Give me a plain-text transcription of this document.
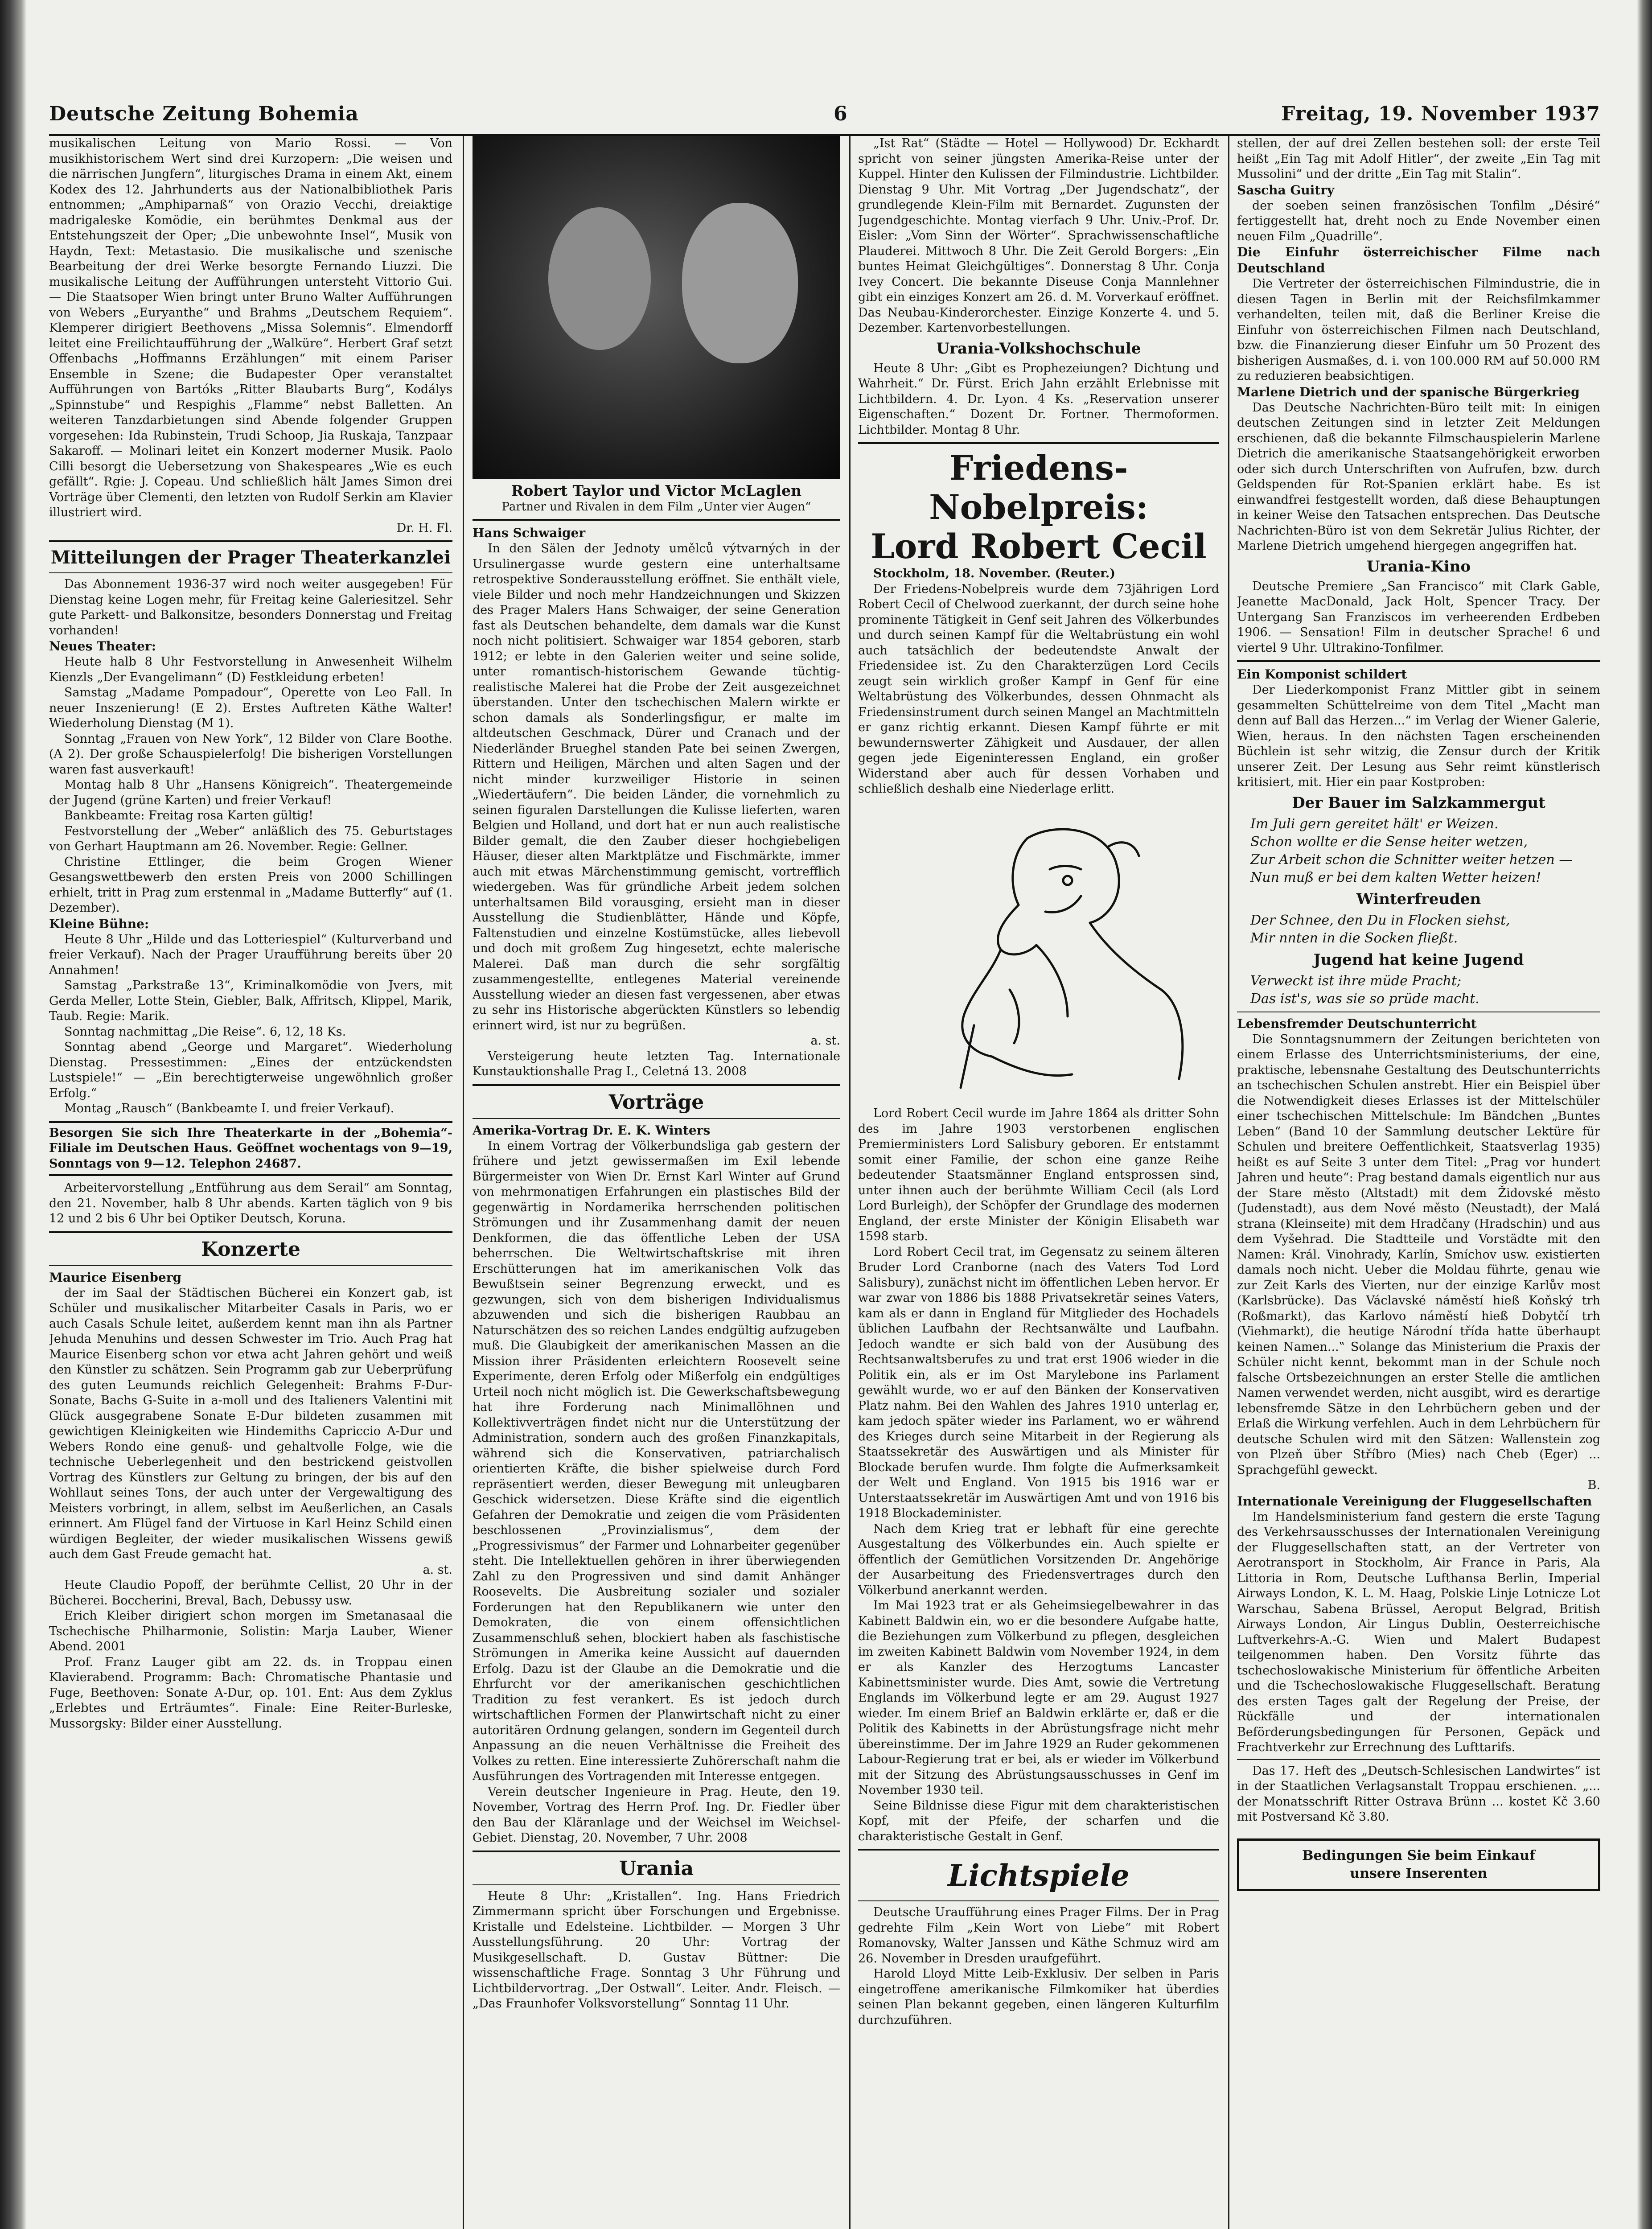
Deutsche Zeitung Bohemia	6	Freitag, 19. November 1937

musikalischen Leitung von Mario Rossi. — Von musikhistorischem Wert sind drei Kurzopern: „Die weisen und die närrischen Jungfern“, liturgisches Drama in einem Akt, einem Kodex des 12. Jahrhunderts aus der Nationalbibliothek Paris entnommen; „Amphiparnaß“ von Orazio Vecchi, dreiaktige madrigaleske Komödie, ein berühmtes Denkmal aus der Entstehungszeit der Oper; „Die unbewohnte Insel“, Musik von Haydn, Text: Metastasio. Die musikalische und szenische Bearbeitung der drei Werke besorgte Fernando Liuzzi. Die musikalische Leitung der Aufführungen untersteht Vittorio Gui. — Die Staatsoper Wien bringt unter Bruno Walter Aufführungen von Webers „Euryanthe“ und Brahms „Deutschem Requiem“. Klemperer dirigiert Beethovens „Missa Solemnis“. Elmendorff leitet eine Freilichtaufführung der „Walküre“. Herbert Graf setzt Offenbachs „Hoffmanns Erzählungen“ mit einem Pariser Ensemble in Szene; die Budapester Oper veranstaltet Aufführungen von Bartóks „Ritter Blaubarts Burg“, Kodálys „Spinnstube“ und Respighis „Flamme“ nebst Balletten. An weiteren Tanzdarbietungen sind Abende folgender Gruppen vorgesehen: Ida Rubinstein, Trudi Schoop, Jia Ruskaja, Tanzpaar Sakaroff. — Molinari leitet ein Konzert moderner Musik. Paolo Cilli besorgt die Uebersetzung von Shakespeares „Wie es euch gefällt“. Rgie: J. Copeau. Und schließlich hält James Simon drei Vorträge über Clementi, den letzten von Rudolf Serkin am Klavier illustriert wird.

Dr. H. Fl.

Mitteilungen der Prager Theaterkanzlei

Das Abonnement 1936-37 wird noch weiter ausgegeben! Für Dienstag keine Logen mehr, für Freitag keine Galeriesitzel. Sehr gute Parkett- und Balkonsitze, besonders Donnerstag und Freitag vorhanden!

Neues Theater:

Heute halb 8 Uhr Festvorstellung in Anwesenheit Wilhelm Kienzls „Der Evangelimann“ (D) Festkleidung erbeten!

Samstag „Madame Pompadour“, Operette von Leo Fall. In neuer Inszenierung! (E 2). Erstes Auftreten Käthe Walter! Wiederholung Dienstag (M 1).

Sonntag „Frauen von New York“, 12 Bilder von Clare Boothe. (A 2). Der große Schauspielerfolg! Die bisherigen Vorstellungen waren fast ausverkauft!

Montag halb 8 Uhr „Hansens Königreich“. Theatergemeinde der Jugend (grüne Karten) und freier Verkauf!

Bankbeamte: Freitag rosa Karten gültig!

Festvorstellung der „Weber“ anläßlich des 75. Geburtstages von Gerhart Hauptmann am 26. November. Regie: Gellner.

Christine Ettlinger, die beim Grogen Wiener Gesangswettbewerb den ersten Preis von 2000 Schillingen erhielt, tritt in Prag zum erstenmal in „Madame Butterfly“ auf (1. Dezember).

Kleine Bühne:

Heute 8 Uhr „Hilde und das Lotteriespiel“ (Kulturverband und freier Verkauf). Nach der Prager Uraufführung bereits über 20 Annahmen!

Samstag „Parkstraße 13“, Kriminalkomödie von Jvers, mit Gerda Meller, Lotte Stein, Giebler, Balk, Affritsch, Klippel, Marik, Taub. Regie: Marik.

Sonntag nachmittag „Die Reise“. 6, 12, 18 Ks.

Sonntag abend „George und Margaret“. Wiederholung Dienstag. Pressestimmen: „Eines der entzückendsten Lustspiele!“ — „Ein berechtigterweise ungewöhnlich großer Erfolg.“

Montag „Rausch“ (Bankbeamte I. und freier Verkauf).

Besorgen Sie sich Ihre Theaterkarte in der „Bohemia“-Filiale im Deutschen Haus. Geöffnet wochentags von 9—19, Sonntags von 9—12. Telephon 24687.

Arbeitervorstellung „Entführung aus dem Serail“ am Sonntag, den 21. November, halb 8 Uhr abends. Karten täglich von 9 bis 12 und 2 bis 6 Uhr bei Optiker Deutsch, Koruna.

Konzerte

Maurice Eisenberg

der im Saal der Städtischen Bücherei ein Konzert gab, ist Schüler und musikalischer Mitarbeiter Casals in Paris, wo er auch Casals Schule leitet, außerdem kennt man ihn als Partner Jehuda Menuhins und dessen Schwester im Trio. Auch Prag hat Maurice Eisenberg schon vor etwa acht Jahren gehört und weiß den Künstler zu schätzen. Sein Programm gab zur Ueberprüfung des guten Leumunds reichlich Gelegenheit: Brahms F-Dur-Sonate, Bachs G-Suite in a-moll und des Italieners Valentini mit Glück ausgegrabene Sonate E-Dur bildeten zusammen mit gewichtigen Kleinigkeiten wie Hindemiths Capriccio A-Dur und Webers Rondo eine genuß- und gehaltvolle Folge, wie die technische Ueberlegenheit und den bestrickend geistvollen Vortrag des Künstlers zur Geltung zu bringen, der bis auf den Wohllaut seines Tons, der auch unter der Vergewaltigung des Meisters vorbringt, in allem, selbst im Aeußerlichen, an Casals erinnert. Am Flügel fand der Virtuose in Karl Heinz Schild einen würdigen Begleiter, der wieder musikalischen Wissens gewiß auch dem Gast Freude gemacht hat.

a. st.

Heute Claudio Popoff, der berühmte Cellist, 20 Uhr in der Bücherei. Boccherini, Breval, Bach, Debussy usw.

Erich Kleiber dirigiert schon morgen im Smetanasaal die Tschechische Philharmonie, Solistin: Marja Lauber, Wiener Abend. 2001

Prof. Franz Lauger gibt am 22. ds. in Troppau einen Klavierabend. Programm: Bach: Chromatische Phantasie und Fuge, Beethoven: Sonate A-Dur, op. 101. Ent: Aus dem Zyklus „Erlebtes und Erträumtes“. Finale: Eine Reiter-Burleske, Mussorgsky: Bilder einer Ausstellung.

Robert Taylor und Victor McLaglen
Partner und Rivalen in dem Film „Unter vier Augen“

Hans Schwaiger

In den Sälen der Jednoty umělců výtvarných in der Ursulinergasse wurde gestern eine unterhaltsame retrospektive Sonderausstellung eröffnet. Sie enthält viele, viele Bilder und noch mehr Handzeichnungen und Skizzen des Prager Malers Hans Schwaiger, der seine Generation fast als Deutschen behandelte, dem damals war die Kunst noch nicht politisiert. Schwaiger war 1854 geboren, starb 1912; er lebte in den Galerien weiter und seine solide, unter romantisch-historischem Gewande tüchtig-realistische Malerei hat die Probe der Zeit ausgezeichnet überstanden. Unter den tschechischen Malern wirkte er schon damals als Sonderlingsfigur, er malte im altdeutschen Geschmack, Dürer und Cranach und der Niederländer Brueghel standen Pate bei seinen Zwergen, Rittern und Heiligen, Märchen und alten Sagen und der nicht minder kurzweiliger Historie in seinen „Wiedertäufern“. Die beiden Länder, die vornehmlich zu seinen figuralen Darstellungen die Kulisse lieferten, waren Belgien und Holland, und dort hat er nun auch realistische Bilder gemalt, die den Zauber dieser hochgiebeligen Häuser, dieser alten Marktplätze und Fischmärkte, immer auch mit etwas Märchenstimmung gemischt, vortrefflich wiedergeben. Was für gründliche Arbeit jedem solchen unterhaltsamen Bild vorausging, ersieht man in dieser Ausstellung die Studienblätter, Hände und Köpfe, Faltenstudien und einzelne Kostümstücke, alles liebevoll und doch mit großem Zug hingesetzt, echte malerische Malerei. Daß man durch die sehr sorgfältig zusammengestellte, entlegenes Material vereinende Ausstellung wieder an diesen fast vergessenen, aber etwas zu sehr ins Historische abgerückten Künstlers so lebendig erinnert wird, ist nur zu begrüßen.

a. st.

Versteigerung heute letzten Tag. Internationale Kunstauktionshalle Prag I., Celetná 13. 2008

Vorträge

Amerika-Vortrag Dr. E. K. Winters

In einem Vortrag der Völkerbundsliga gab gestern der frühere und jetzt gewissermaßen im Exil lebende Bürgermeister von Wien Dr. Ernst Karl Winter auf Grund von mehrmonatigen Erfahrungen ein plastisches Bild der gegenwärtig in Nordamerika herrschenden politischen Strömungen und ihr Zusammenhang damit der neuen Denkformen, die das öffentliche Leben der USA beherrschen. Die Weltwirtschaftskrise mit ihren Erschütterungen hat im amerikanischen Volk das Bewußtsein seiner Begrenzung erweckt, und es gezwungen, sich von dem bisherigen Individualismus abzuwenden und sich die bisherigen Raubbau an Naturschätzen des so reichen Landes endgültig aufzugeben muß. Die Glaubigkeit der amerikanischen Massen an die Mission ihrer Präsidenten erleichtern Roosevelt seine Experimente, deren Erfolg oder Mißerfolg ein endgültiges Urteil noch nicht möglich ist. Die Gewerkschaftsbewegung hat ihre Forderung nach Minimallöhnen und Kollektivverträgen findet nicht nur die Unterstützung der Administration, sondern auch des großen Finanzkapitals, während sich die Konservativen, patriarchalisch orientierten Kräfte, die bisher spielweise durch Ford repräsentiert werden, dieser Bewegung mit unleugbaren Geschick widersetzen. Diese Kräfte sind die eigentlich Gefahren der Demokratie und zeigen die vom Präsidenten beschlossenen „Provinzialismus“, dem der „Progressivismus“ der Farmer und Lohnarbeiter gegenüber steht. Die Intellektuellen gehören in ihrer überwiegenden Zahl zu den Progressiven und sind damit Anhänger Roosevelts. Die Ausbreitung sozialer und sozialer Forderungen hat den Republikanern wie unter den Demokraten, die von einem offensichtlichen Zusammenschluß sehen, blockiert haben als faschistische Strömungen in Amerika keine Aussicht auf dauernden Erfolg. Dazu ist der Glaube an die Demokratie und die Ehrfurcht vor der amerikanischen geschichtlichen Tradition zu fest verankert. Es ist jedoch durch wirtschaftlichen Formen der Planwirtschaft nicht zu einer autoritären Ordnung gelangen, sondern im Gegenteil durch Anpassung an die neuen Verhältnisse die Freiheit des Volkes zu retten. Eine interessierte Zuhörerschaft nahm die Ausführungen des Vortragenden mit Interesse entgegen.

Verein deutscher Ingenieure in Prag. Heute, den 19. November, Vortrag des Herrn Prof. Ing. Dr. Fiedler über den Bau der Kläranlage und der Weichsel im Weichsel-Gebiet. Dienstag, 20. November, 7 Uhr. 2008

Urania

Heute 8 Uhr: „Kristallen“. Ing. Hans Friedrich Zimmermann spricht über Forschungen und Ergebnisse. Kristalle und Edelsteine. Lichtbilder. — Morgen 3 Uhr Ausstellungsführung. 20 Uhr: Vortrag der Musikgesellschaft. D. Gustav Büttner: Die wissenschaftliche Frage. Sonntag 3 Uhr Führung und Lichtbildervortrag. „Der Ostwall“. Leiter. Andr. Fleisch. — „Das Fraunhofer Volksvorstellung“ Sonntag 11 Uhr.

„Ist Rat“ (Städte — Hotel — Hollywood) Dr. Eckhardt spricht von seiner jüngsten Amerika-Reise unter der Kuppel. Hinter den Kulissen der Filmindustrie. Lichtbilder. Dienstag 9 Uhr. Mit Vortrag „Der Jugendschatz“, der grundlegende Klein-Film mit Bernardet. Zugunsten der Jugendgeschichte. Montag vierfach 9 Uhr. Univ.-Prof. Dr. Eisler: „Vom Sinn der Wörter“. Sprachwissenschaftliche Plauderei. Mittwoch 8 Uhr. Die Zeit Gerold Borgers: „Ein buntes Heimat Gleichgültiges“. Donnerstag 8 Uhr. Conja Ivey Concert. Die bekannte Diseuse Conja Mannlehner gibt ein einziges Konzert am 26. d. M. Vorverkauf eröffnet. Das Neubau-Kinderorchester. Einzige Konzerte 4. und 5. Dezember. Kartenvorbestellungen.

Urania-Volkshochschule

Heute 8 Uhr: „Gibt es Prophezeiungen? Dichtung und Wahrheit.“ Dr. Fürst. Erich Jahn erzählt Erlebnisse mit Lichtbildern. 4. Dr. Lyon. 4 Ks. „Reservation unserer Eigenschaften.“ Dozent Dr. Fortner. Thermoformen. Lichtbilder. Montag 8 Uhr.

Friedens-Nobelpreis:
Lord Robert Cecil

Stockholm, 18. November. (Reuter.)

Der Friedens-Nobelpreis wurde dem 73jährigen Lord Robert Cecil of Chelwood zuerkannt, der durch seine hohe prominente Tätigkeit in Genf seit Jahren des Völkerbundes und durch seinen Kampf für die Weltabrüstung ein wohl auch tatsächlich der bedeutendste Anwalt der Friedensidee ist. Zu den Charakterzügen Lord Cecils zeugt sein wirklich großer Kampf in Genf für eine Weltabrüstung des Völkerbundes, dessen Ohnmacht als Friedensinstrument durch seinen Mangel an Machtmitteln er ganz richtig erkannt. Diesen Kampf führte er mit bewundernswerter Zähigkeit und Ausdauer, der allen gegen jede Eigeninteressen England, ein großer Widerstand aber auch für dessen Vorhaben und schließlich deshalb eine Niederlage erlitt.

Lord Robert Cecil wurde im Jahre 1864 als dritter Sohn des im Jahre 1903 verstorbenen englischen Premierministers Lord Salisbury geboren. Er entstammt somit einer Familie, der schon eine ganze Reihe bedeutender Staatsmänner England entsprossen sind, unter ihnen auch der berühmte William Cecil (als Lord Lord Burleigh), der Schöpfer der Grundlage des modernen England, der erste Minister der Königin Elisabeth war 1598 starb.

Lord Robert Cecil trat, im Gegensatz zu seinem älteren Bruder Lord Cranborne (nach des Vaters Tod Lord Salisbury), zunächst nicht im öffentlichen Leben hervor. Er war zwar von 1886 bis 1888 Privatsekretär seines Vaters, kam als er dann in England für Mitglieder des Hochadels üblichen Laufbahn der Rechtsanwälte und Laufbahn. Jedoch wandte er sich bald von der Ausübung des Rechtsanwaltsberufes zu und trat erst 1906 wieder in die Politik ein, als er im Ost Marylebone ins Parlament gewählt wurde, wo er auf den Bänken der Konservativen Platz nahm. Bei den Wahlen des Jahres 1910 unterlag er, kam jedoch später wieder ins Parlament, wo er während des Krieges durch seine Mitarbeit in der Regierung als Staatssekretär des Auswärtigen und als Minister für Blockade berufen wurde. Ihm folgte die Aufmerksamkeit der Welt und England. Von 1915 bis 1916 war er Unterstaatssekretär im Auswärtigen Amt und von 1916 bis 1918 Blockademinister.

Nach dem Krieg trat er lebhaft für eine gerechte Ausgestaltung des Völkerbundes ein. Auch spielte er öffentlich der Gemütlichen Vorsitzenden Dr. Angehörige der Ausarbeitung des Friedensvertrages durch den Völkerbund anerkannt werden.

Im Mai 1923 trat er als Geheimsiegelbewahrer in das Kabinett Baldwin ein, wo er die besondere Aufgabe hatte, die Beziehungen zum Völkerbund zu pflegen, desgleichen im zweiten Kabinett Baldwin vom November 1924, in dem er als Kanzler des Herzogtums Lancaster Kabinettsminister wurde. Dies Amt, sowie die Vertretung Englands im Völkerbund legte er am 29. August 1927 wieder. Im einem Brief an Baldwin erklärte er, daß er die Politik des Kabinetts in der Abrüstungsfrage nicht mehr übereinstimme. Der im Jahre 1929 an Ruder gekommenen Labour-Regierung trat er bei, als er wieder im Völkerbund mit der Sitzung des Abrüstungsausschusses in Genf im November 1930 teil.

Seine Bildnisse diese Figur mit dem charakteristischen Kopf, mit der Pfeife, der scharfen und die charakteristische Gestalt in Genf.

Lichtspiele

Deutsche Uraufführung eines Prager Films. Der in Prag gedrehte Film „Kein Wort von Liebe“ mit Robert Romanovsky, Walter Janssen und Käthe Schmuz wird am 26. November in Dresden uraufgeführt.

Harold Lloyd Mitte Leib-Exklusiv. Der selben in Paris eingetroffene amerikanische Filmkomiker hat überdies seinen Plan bekannt gegeben, einen längeren Kulturfilm durchzuführen.

stellen, der auf drei Zellen bestehen soll: der erste Teil heißt „Ein Tag mit Adolf Hitler“, der zweite „Ein Tag mit Mussolini“ und der dritte „Ein Tag mit Stalin“.

Sascha Guitry

der soeben seinen französischen Tonfilm „Désiré“ fertiggestellt hat, dreht noch zu Ende November einen neuen Film „Quadrille“.

Die Einfuhr österreichischer Filme nach Deutschland

Die Vertreter der österreichischen Filmindustrie, die in diesen Tagen in Berlin mit der Reichsfilmkammer verhandelten, teilen mit, daß die Berliner Kreise die Einfuhr von österreichischen Filmen nach Deutschland, bzw. die Finanzierung dieser Einfuhr um 50 Prozent des bisherigen Ausmaßes, d. i. von 100.000 RM auf 50.000 RM zu reduzieren beabsichtigen.

Marlene Dietrich und der spanische Bürgerkrieg

Das Deutsche Nachrichten-Büro teilt mit: In einigen deutschen Zeitungen sind in letzter Zeit Meldungen erschienen, daß die bekannte Filmschauspielerin Marlene Dietrich die amerikanische Staatsangehörigkeit erworben oder sich durch Unterschriften von Aufrufen, bzw. durch Geldspenden für Rot-Spanien erklärt habe. Es ist einwandfrei festgestellt worden, daß diese Behauptungen in keiner Weise den Tatsachen entsprechen. Das Deutsche Nachrichten-Büro ist von dem Sekretär Julius Richter, der Marlene Dietrich umgehend hiergegen angegriffen hat.

Urania-Kino

Deutsche Premiere „San Francisco“ mit Clark Gable, Jeanette MacDonald, Jack Holt, Spencer Tracy. Der Untergang San Franziscos im verheerenden Erdbeben 1906. — Sensation! Film in deutscher Sprache! 6 und viertel 9 Uhr. Ultrakino-Tonfilmer.

Ein Komponist schildert

Der Liederkomponist Franz Mittler gibt in seinem gesammelten Schüttelreime von dem Titel „Macht man denn auf Ball das Herzen...“ im Verlag der Wiener Galerie, Wien, heraus. In den nächsten Tagen erscheinenden Büchlein ist sehr witzig, die Zensur durch der Kritik unserer Zeit. Der Lesung aus Sehr reimt künstlerisch kritisiert, mit. Hier ein paar Kostproben:

Der Bauer im Salzkammergut

Im Juli gern gereitet hält' er Weizen.

Schon wollte er die Sense heiter wetzen,

Zur Arbeit schon die Schnitter weiter hetzen —

Nun muß er bei dem kalten Wetter heizen!

Winterfreuden

Der Schnee, den Du in Flocken siehst,

Mir nnten in die Socken fließt.

Jugend hat keine Jugend

Verweckt ist ihre müde Pracht;

Das ist's, was sie so prüde macht.

Lebensfremder Deutschunterricht

Die Sonntagsnummern der Zeitungen berichteten von einem Erlasse des Unterrichtsministeriums, der eine, praktische, lebensnahe Gestaltung des Deutschunterrichts an tschechischen Schulen anstrebt. Hier ein Beispiel über die Notwendigkeit dieses Erlasses ist der Mittelschüler einer tschechischen Mittelschule: Im Bändchen „Buntes Leben“ (Band 10 der Sammlung deutscher Lektüre für Schulen und breitere Oeffentlichkeit, Staatsverlag 1935) heißt es auf Seite 3 unter dem Titel: „Prag vor hundert Jahren und heute“: Prag bestand damals eigentlich nur aus der Stare město (Altstadt) mit dem Židovské město (Judenstadt), aus dem Nové město (Neustadt), der Malá strana (Kleinseite) mit dem Hradčany (Hradschin) und aus dem Vyšehrad. Die Stadtteile und Vorstädte mit den Namen: Král. Vinohrady, Karlín, Smíchov usw. existierten damals noch nicht. Ueber die Moldau führte, genau wie zur Zeit Karls des Vierten, nur der einzige Karlův most (Karlsbrücke). Das Václavské náměstí hieß Koňský trh (Roßmarkt), das Karlovo náměstí hieß Dobytčí trh (Viehmarkt), die heutige Národní třída hatte überhaupt keinen Namen...‟ Solange das Ministerium die Praxis der Schüler nicht kennt, bekommt man in der Schule noch falsche Ortsbezeichnungen an erster Stelle die amtlichen Namen verwendet werden, nicht ausgibt, wird es derartige lebensfremde Sätze in den Lehrbüchern geben und der Erlaß die Wirkung verfehlen. Auch in dem Lehrbüchern für deutsche Schulen wird mit den Sätzen: Wallenstein zog von Plzeň über Stříbro (Mies) nach Cheb (Eger) ... Sprachgefühl geweckt.

B.

Internationale Vereinigung der Fluggesellschaften

Im Handelsministerium fand gestern die erste Tagung des Verkehrsausschusses der Internationalen Vereinigung der Fluggesellschaften statt, an der Vertreter von Aerotransport in Stockholm, Air France in Paris, Ala Littoria in Rom, Deutsche Lufthansa Berlin, Imperial Airways London, K. L. M. Haag, Polskie Linje Lotnicze Lot Warschau, Sabena Brüssel, Aeroput Belgrad, British Airways London, Air Lingus Dublin, Oesterreichische Luftverkehrs-A.-G. Wien und Malert Budapest teilgenommen haben. Den Vorsitz führte das tschechoslowakische Ministerium für öffentliche Arbeiten und die Tschechoslowakische Fluggesellschaft. Beratung des ersten Tages galt der Regelung der Preise, der Rückfälle und der internationalen Beförderungsbedingungen für Personen, Gepäck und Frachtverkehr zur Errechnung des Lufttarifs.

Das 17. Heft des „Deutsch-Schlesischen Landwirtes“ ist in der Staatlichen Verlagsanstalt Troppau erschienen. „... der Monatsschrift Ritter Ostrava Brünn ... kostet Kč 3.60 mit Postversand Kč 3.80.

Bedingungen Sie beim Einkauf
unsere Inserenten
